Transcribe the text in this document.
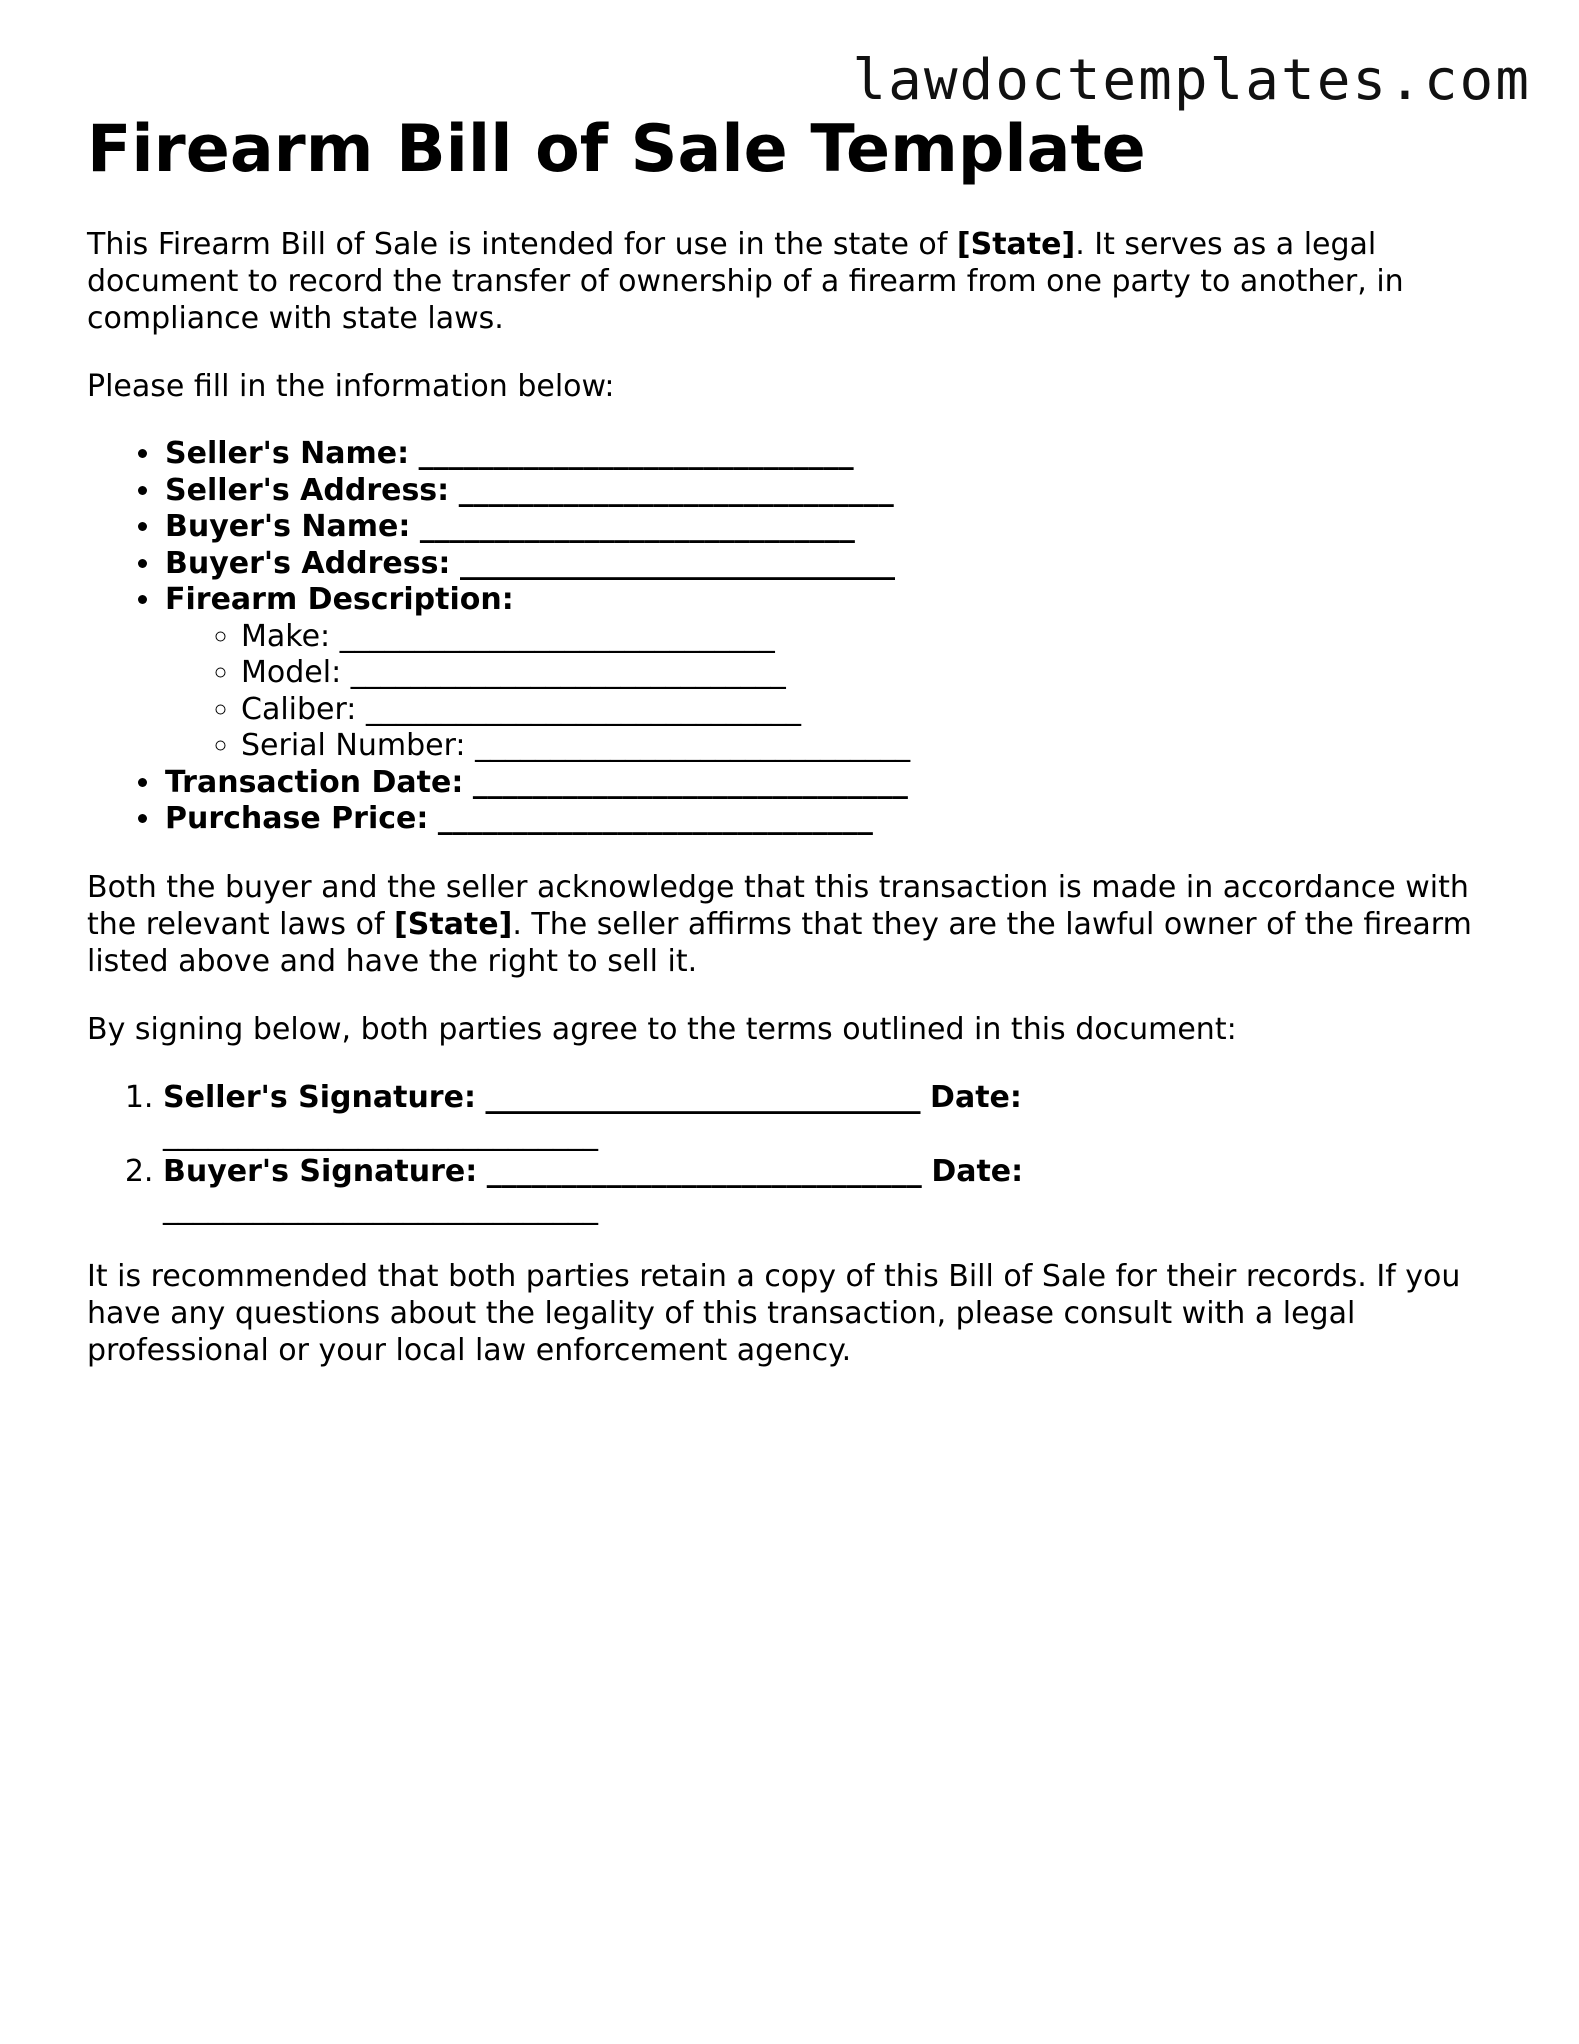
lawdoctemplates.com
Firearm Bill of Sale Template

This Firearm Bill of Sale is intended for use in the state of [State]. It serves as a legal document to record the transfer of ownership of a firearm from one party to another, in compliance with state laws.

Please fill in the information below:

• Seller's Name: _____________________________
• Seller's Address: _____________________________
• Buyer's Name: _____________________________
• Buyer's Address: _____________________________
• Firearm Description:
◦ Make: _____________________________
◦ Model: _____________________________
◦ Caliber: _____________________________
◦ Serial Number: _____________________________
• Transaction Date: _____________________________
• Purchase Price: _____________________________

Both the buyer and the seller acknowledge that this transaction is made in accordance with the relevant laws of [State]. The seller affirms that they are the lawful owner of the firearm listed above and have the right to sell it.

By signing below, both parties agree to the terms outlined in this document:

1. Seller's Signature: _____________________________ Date: _____________________________
2. Buyer's Signature: _____________________________ Date: _____________________________

It is recommended that both parties retain a copy of this Bill of Sale for their records. If you have any questions about the legality of this transaction, please consult with a legal professional or your local law enforcement agency.
